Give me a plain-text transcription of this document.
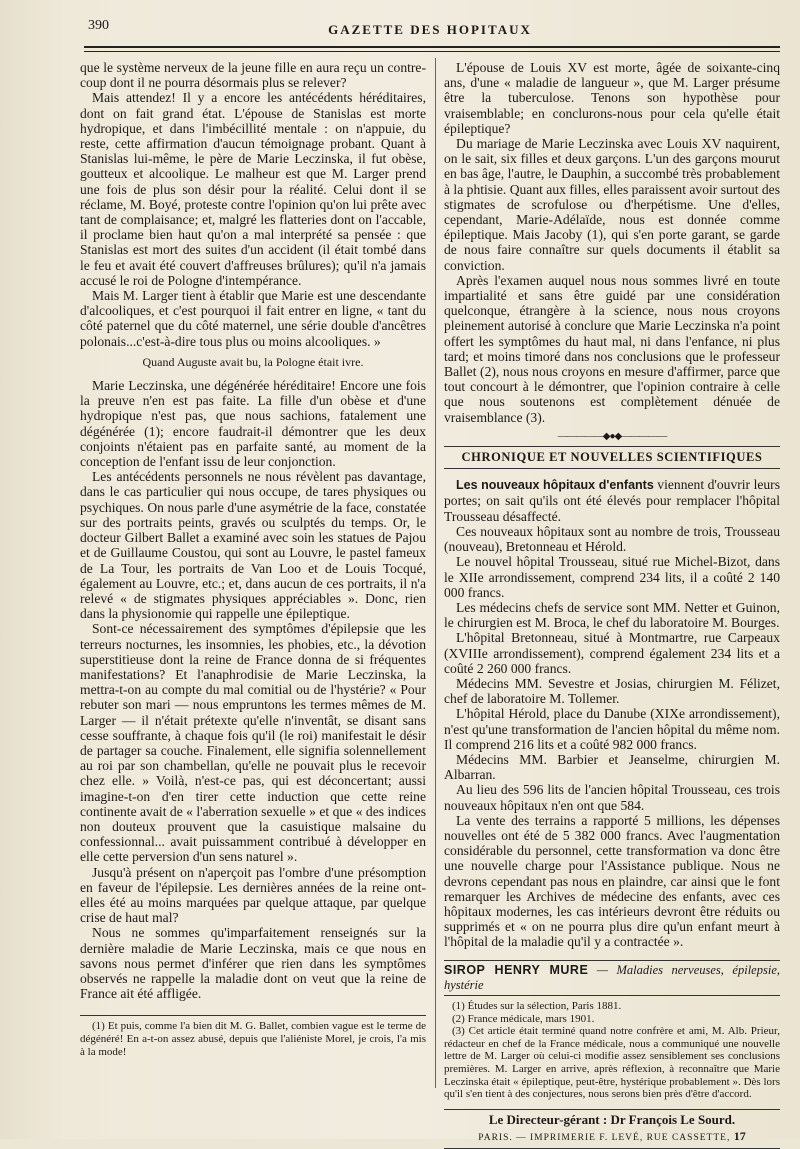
390	GAZETTE DES HOPITAUX

que le système nerveux de la jeune fille en aura reçu un contre-coup dont il ne pourra désormais plus se relever?

Mais attendez! Il y a encore les antécédents héréditaires, dont on fait grand état. L'épouse de Stanislas est morte hydropique, et dans l'imbécillité mentale : on n'appuie, du reste, cette affirmation d'aucun témoignage probant. Quant à Stanislas lui-même, le père de Marie Leczinska, il fut obèse, goutteux et alcoolique. Le malheur est que M. Larger prend une fois de plus son désir pour la réalité. Celui dont il se réclame, M. Boyé, proteste contre l'opinion qu'on lui prête avec tant de complaisance; et, malgré les flatteries dont on l'accable, il proclame bien haut qu'on a mal interprété sa pensée : que Stanislas est mort des suites d'un accident (il était tombé dans le feu et avait été couvert d'affreuses brûlures); qu'il n'a jamais accusé le roi de Pologne d'intempérance.

Mais M. Larger tient à établir que Marie est une descendante d'alcooliques, et c'est pourquoi il fait entrer en ligne, « tant du côté paternel que du côté maternel, une série double d'ancêtres polonais...c'est-à-dire tous plus ou moins alcooliques. »

Quand Auguste avait bu, la Pologne était ivre.

Marie Leczinska, une dégénérée héréditaire! Encore une fois la preuve n'en est pas faite. La fille d'un obèse et d'une hydropique n'est pas, que nous sachions, fatalement une dégénérée (1); encore faudrait-il démontrer que les deux conjoints n'étaient pas en parfaite santé, au moment de la conception de l'enfant issu de leur conjonction.

Les antécédents personnels ne nous révèlent pas davantage, dans le cas particulier qui nous occupe, de tares physiques ou psychiques. On nous parle d'une asymétrie de la face, constatée sur des portraits peints, gravés ou sculptés du temps. Or, le docteur Gilbert Ballet a examiné avec soin les statues de Pajou et de Guillaume Coustou, qui sont au Louvre, le pastel fameux de La Tour, les portraits de Van Loo et de Louis Tocqué, également au Louvre, etc.; et, dans aucun de ces portraits, il n'a relevé « de stigmates physiques appréciables ». Donc, rien dans la physionomie qui rappelle une épileptique.

Sont-ce nécessairement des symptômes d'épilepsie que les terreurs nocturnes, les insomnies, les phobies, etc., la dévotion superstitieuse dont la reine de France donna de si fréquentes manifestations? Et l'anaphrodisie de Marie Leczinska, la mettra-t-on au compte du mal comitial ou de l'hystérie? « Pour rebuter son mari — nous empruntons les termes mêmes de M. Larger — il n'était prétexte qu'elle n'inventât, se disant sans cesse souffrante, à chaque fois qu'il (le roi) manifestait le désir de partager sa couche. Finalement, elle signifia solennellement au roi par son chambellan, qu'elle ne pouvait plus le recevoir chez elle. » Voilà, n'est-ce pas, qui est déconcertant; aussi imagine-t-on d'en tirer cette induction que cette reine continente avait de « l'aberration sexuelle » et que « des indices non douteux prouvent que la casuistique malsaine du confessionnal... avait puissamment contribué à développer en elle cette perversion d'un sens naturel ».

Jusqu'à présent on n'aperçoit pas l'ombre d'une présomption en faveur de l'épilepsie. Les dernières années de la reine ont-elles été au moins marquées par quelque attaque, par quelque crise de haut mal?

Nous ne sommes qu'imparfaitement renseignés sur la dernière maladie de Marie Leczinska, mais ce que nous en savons nous permet d'inférer que rien dans les symptômes observés ne rappelle la maladie dont on veut que la reine de France ait été affligée.

(1) Et puis, comme l'a bien dit M. G. Ballet, combien vague est le terme de dégénéré! En a-t-on assez abusé, depuis que l'aliéniste Morel, je crois, l'a mis à la mode!

L'épouse de Louis XV est morte, âgée de soixante-cinq ans, d'une « maladie de langueur », que M. Larger présume être la tuberculose. Tenons son hypothèse pour vraisemblable; en conclurons-nous pour cela qu'elle était épileptique?

Du mariage de Marie Leczinska avec Louis XV naquirent, on le sait, six filles et deux garçons. L'un des garçons mourut en bas âge, l'autre, le Dauphin, a succombé très probablement à la phtisie. Quant aux filles, elles paraissent avoir surtout des stigmates de scrofulose ou d'herpétisme. Une d'elles, cependant, Marie-Adélaïde, nous est donnée comme épileptique. Mais Jacoby (1), qui s'en porte garant, se garde de nous faire connaître sur quels documents il établit sa conviction.

Après l'examen auquel nous nous sommes livré en toute impartialité et sans être guidé par une considération quelconque, étrangère à la science, nous nous croyons pleinement autorisé à conclure que Marie Leczinska n'a point offert les symptômes du haut mal, ni dans l'enfance, ni plus tard; et moins timoré dans nos conclusions que le professeur Ballet (2), nous nous croyons en mesure d'affirmer, parce que tout concourt à le démontrer, que l'opinion contraire à celle que nous soutenons est complètement dénuée de vraisemblance (3).

―――――◆●◆―――――
CHRONIQUE ET NOUVELLES SCIENTIFIQUES

Les nouveaux hôpitaux d'enfants viennent d'ouvrir leurs portes; on sait qu'ils ont été élevés pour remplacer l'hôpital Trousseau désaffecté.

Ces nouveaux hôpitaux sont au nombre de trois, Trousseau (nouveau), Bretonneau et Hérold.

Le nouvel hôpital Trousseau, situé rue Michel-Bizot, dans le XIIe arrondissement, comprend 234 lits, il a coûté 2 140 000 francs.

Les médecins chefs de service sont MM. Netter et Guinon, le chirurgien est M. Broca, le chef du laboratoire M. Bourges.

L'hôpital Bretonneau, situé à Montmartre, rue Carpeaux (XVIIIe arrondissement), comprend également 234 lits et a coûté 2 260 000 francs.

Médecins MM. Sevestre et Josias, chirurgien M. Félizet, chef de laboratoire M. Tollemer.

L'hôpital Hérold, place du Danube (XIXe arrondissement), n'est qu'une transformation de l'ancien hôpital du même nom. Il comprend 216 lits et a coûté 982 000 francs.

Médecins MM. Barbier et Jeanselme, chirurgien M. Albarran.

Au lieu des 596 lits de l'ancien hôpital Trousseau, ces trois nouveaux hôpitaux n'en ont que 584.

La vente des terrains a rapporté 5 millions, les dépenses nouvelles ont été de 5 382 000 francs. Avec l'augmentation considérable du personnel, cette transformation va donc être une nouvelle charge pour l'Assistance publique. Nous ne devrons cependant pas nous en plaindre, car ainsi que le font remarquer les Archives de médecine des enfants, avec ces hôpitaux modernes, les cas intérieurs devront être réduits ou supprimés et « on ne pourra plus dire qu'un enfant meurt à l'hôpital de la maladie qu'il y a contractée ».

SIROP HENRY MURE — Maladies nerveuses, épilepsie, hystérie
(1) Études sur la sélection, Paris 1881.
(2) France médicale, mars 1901.
(3) Cet article était terminé quand notre confrère et ami, M. Alb. Prieur, rédacteur en chef de la France médicale, nous a communiqué une nouvelle lettre de M. Larger où celui-ci modifie assez sensiblement ses conclusions premières. M. Larger en arrive, après réflexion, à reconnaître que Marie Leczinska était « épileptique, peut-être, hystérique probablement ». Dès lors qu'il s'en tient à des conjectures, nous serons bien près d'être d'accord.
Le Directeur-gérant : Dr François Le Sourd.
PARIS. — IMPRIMERIE F. LEVÉ, RUE CASSETTE, 17
